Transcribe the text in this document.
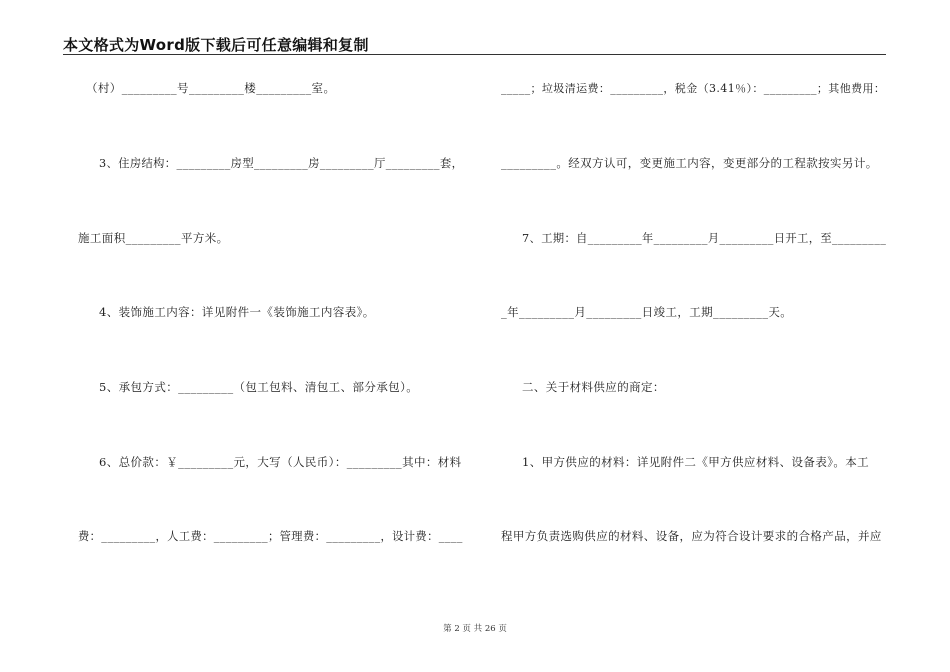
本文格式为Word版下载后可任意编辑和复制
（村）_________号_________楼_________室。
3、住房结构：_________房型_________房_________厅_________套，
施工面积_________平方米。
4、装饰施工内容：详见附件一《装饰施工内容表》。
5、承包方式：_________（包工包料、清包工、部分承包）。
6、总价款：￥_________元，大写（人民币）：_________其中：材料
费：_________，人工费：_________；管理费：_________，设计费：____
_____；垃圾清运费：_________，税金（3.41％）：_________；其他费用：
_________。经双方认可，变更施工内容，变更部分的工程款按实另计。
7、工期：自_________年_________月_________日开工，至_________
_年_________月_________日竣工，工期_________天。
二、关于材料供应的商定：
1、甲方供应的材料：详见附件二《甲方供应材料、设备表》。本工
程甲方负责选购供应的材料、设备，应为符合设计要求的合格产品，并应
第 2 页 共 26 页
